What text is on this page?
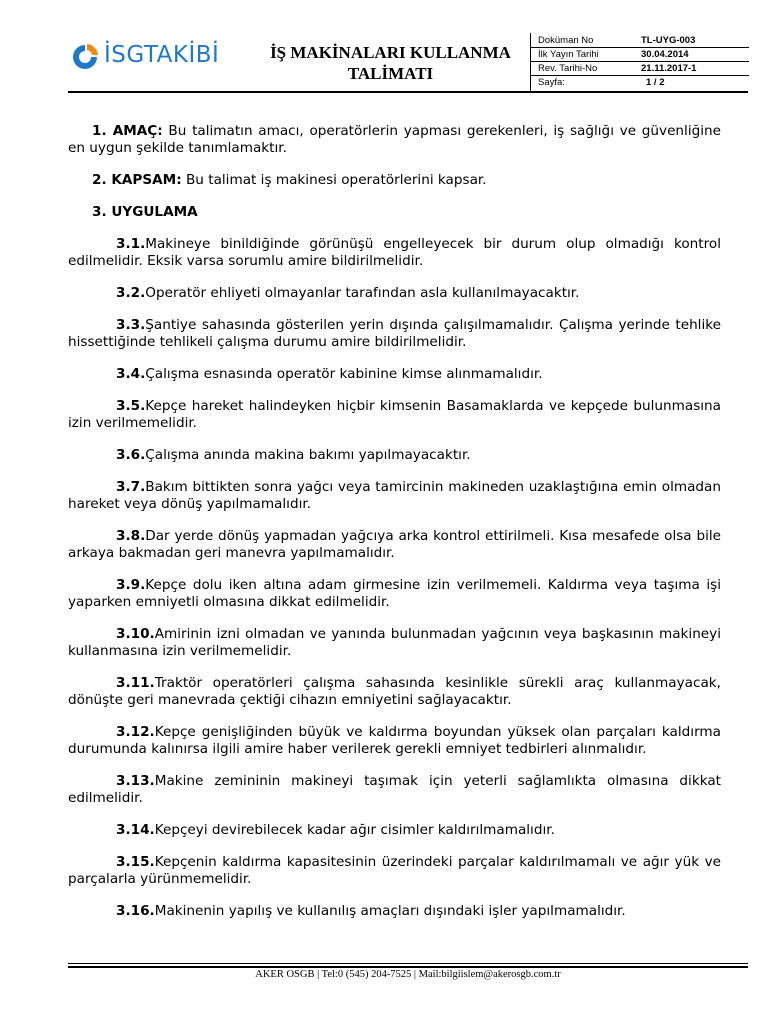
İSGTAKİBİ	İŞ MAKİNALARI KULLANMA
TALİMATI
Doküman No	TL-UYG-003
İlk Yayın Tarihi	30.04.2014
Rev. Tarihi-No	21.11.2017-1
Sayfa:	1 / 2

1. AMAÇ: Bu talimatın amacı, operatörlerin yapması gerekenleri, iş sağlığı ve güvenliğine en uygun şekilde tanımlamaktır.

2. KAPSAM: Bu talimat iş makinesi operatörlerini kapsar.

3. UYGULAMA

3.1.Makineye binildiğinde görünüşü engelleyecek bir durum olup olmadığı kontrol edilmelidir. Eksik varsa sorumlu amire bildirilmelidir.

3.2.Operatör ehliyeti olmayanlar tarafından asla kullanılmayacaktır.

3.3.Şantiye sahasında gösterilen yerin dışında çalışılmamalıdır. Çalışma yerinde tehlike hissettiğinde tehlikeli çalışma durumu amire bildirilmelidir.

3.4.Çalışma esnasında operatör kabinine kimse alınmamalıdır.

3.5.Kepçe hareket halindeyken hiçbir kimsenin Basamaklarda ve kepçede bulunmasına izin verilmemelidir.

3.6.Çalışma anında makina bakımı yapılmayacaktır.

3.7.Bakım bittikten sonra yağcı veya tamircinin makineden uzaklaştığına emin olmadan hareket veya dönüş yapılmamalıdır.

3.8.Dar yerde dönüş yapmadan yağcıya arka kontrol ettirilmeli. Kısa mesafede olsa bile arkaya bakmadan geri manevra yapılmamalıdır.

3.9.Kepçe dolu iken altına adam girmesine izin verilmemeli. Kaldırma veya taşıma işi yaparken emniyetli olmasına dikkat edilmelidir.

3.10.Amirinin izni olmadan ve yanında bulunmadan yağcının veya başkasının makineyi kullanmasına izin verilmemelidir.

3.11.Traktör operatörleri çalışma sahasında kesinlikle sürekli araç kullanmayacak, dönüşte geri manevrada çektiği cihazın emniyetini sağlayacaktır.

3.12.Kepçe genişliğinden büyük ve kaldırma boyundan yüksek olan parçaları kaldırma durumunda kalınırsa ilgili amire haber verilerek gerekli emniyet tedbirleri alınmalıdır.

3.13.Makine zemininin makineyi taşımak için yeterli sağlamlıkta olmasına dikkat edilmelidir.

3.14.Kepçeyi devirebilecek kadar ağır cisimler kaldırılmamalıdır.

3.15.Kepçenin kaldırma kapasitesinin üzerindeki parçalar kaldırılmamalı ve ağır yük ve parçalarla yürünmemelidir.

3.16.Makinenin yapılış ve kullanılış amaçları dışındaki işler yapılmamalıdır.

AKER OSGB | Tel:0 (545) 204-7525 | Mail:bilgiislem@akerosgb.com.tr
